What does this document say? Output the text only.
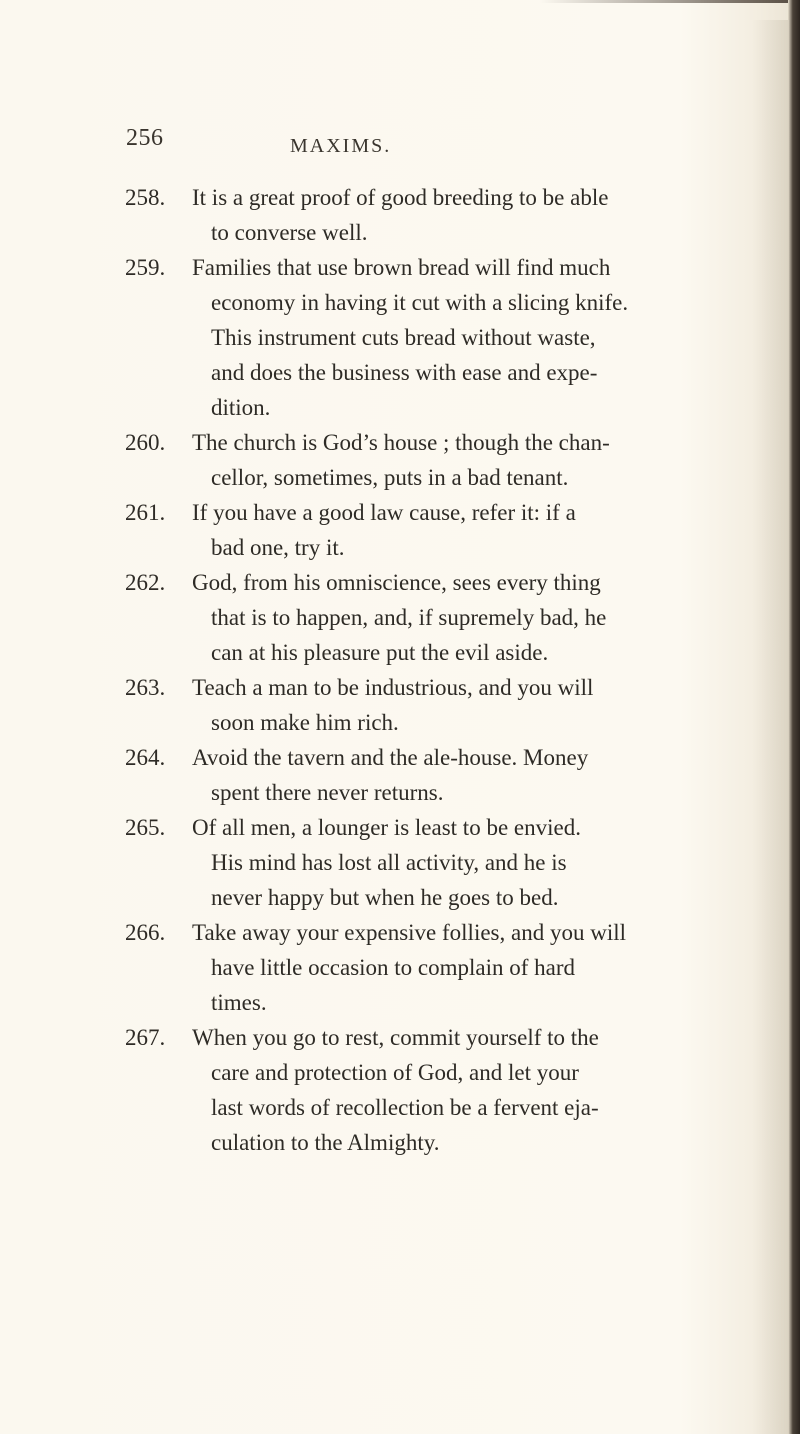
256	MAXIMS.
258. It is a great proof of good breeding to be able
to converse well.
259. Families that use brown bread will find much
economy in having it cut with a slicing knife.
This instrument cuts bread without waste,
and does the business with ease and expe-
dition.
260. The church is God’s house ; though the chan-
cellor, sometimes, puts in a bad tenant.
261. If you have a good law cause, refer it: if a
bad one, try it.
262. God, from his omniscience, sees every thing
that is to happen, and, if supremely bad, he
can at his pleasure put the evil aside.
263. Teach a man to be industrious, and you will
soon make him rich.
264. Avoid the tavern and the ale-house. Money
spent there never returns.
265. Of all men, a lounger is least to be envied.
His mind has lost all activity, and he is
never happy but when he goes to bed.
266. Take away your expensive follies, and you will
have little occasion to complain of hard
times.
267. When you go to rest, commit yourself to the
care and protection of God, and let your
last words of recollection be a fervent eja-
culation to the Almighty.
